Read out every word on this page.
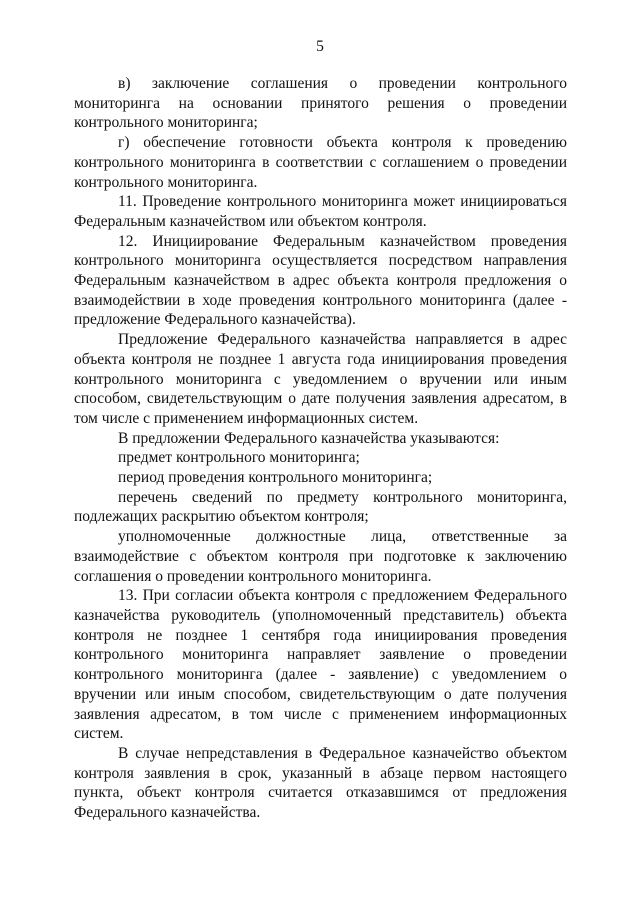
5

в) заключение соглашения о проведении контрольного мониторинга на основании принятого решения о проведении контрольного мониторинга;

г) обеспечение готовности объекта контроля к проведению контрольного мониторинга в соответствии с соглашением о проведении контрольного мониторинга.

11. Проведение контрольного мониторинга может инициироваться Федеральным казначейством или объектом контроля.

12. Инициирование Федеральным казначейством проведения контрольного мониторинга осуществляется посредством направления Федеральным казначейством в адрес объекта контроля предложения о взаимодействии в ходе проведения контрольного мониторинга (далее - предложение Федерального казначейства).

Предложение Федерального казначейства направляется в адрес объекта контроля не позднее 1 августа года инициирования проведения контрольного мониторинга с уведомлением о вручении или иным способом, свидетельствующим о дате получения заявления адресатом, в том числе с применением информационных систем.

В предложении Федерального казначейства указываются:

предмет контрольного мониторинга;

период проведения контрольного мониторинга;

перечень сведений по предмету контрольного мониторинга, подлежащих раскрытию объектом контроля;

уполномоченные должностные лица, ответственные за взаимодействие с объектом контроля при подготовке к заключению соглашения о проведении контрольного мониторинга.

13. При согласии объекта контроля с предложением Федерального казначейства руководитель (уполномоченный представитель) объекта контроля не позднее 1 сентября года инициирования проведения контрольного мониторинга направляет заявление о проведении контрольного мониторинга (далее - заявление) с уведомлением о вручении или иным способом, свидетельствующим о дате получения заявления адресатом, в том числе с применением информационных систем.

В случае непредставления в Федеральное казначейство объектом контроля заявления в срок, указанный в абзаце первом настоящего пункта, объект контроля считается отказавшимся от предложения Федерального казначейства.
